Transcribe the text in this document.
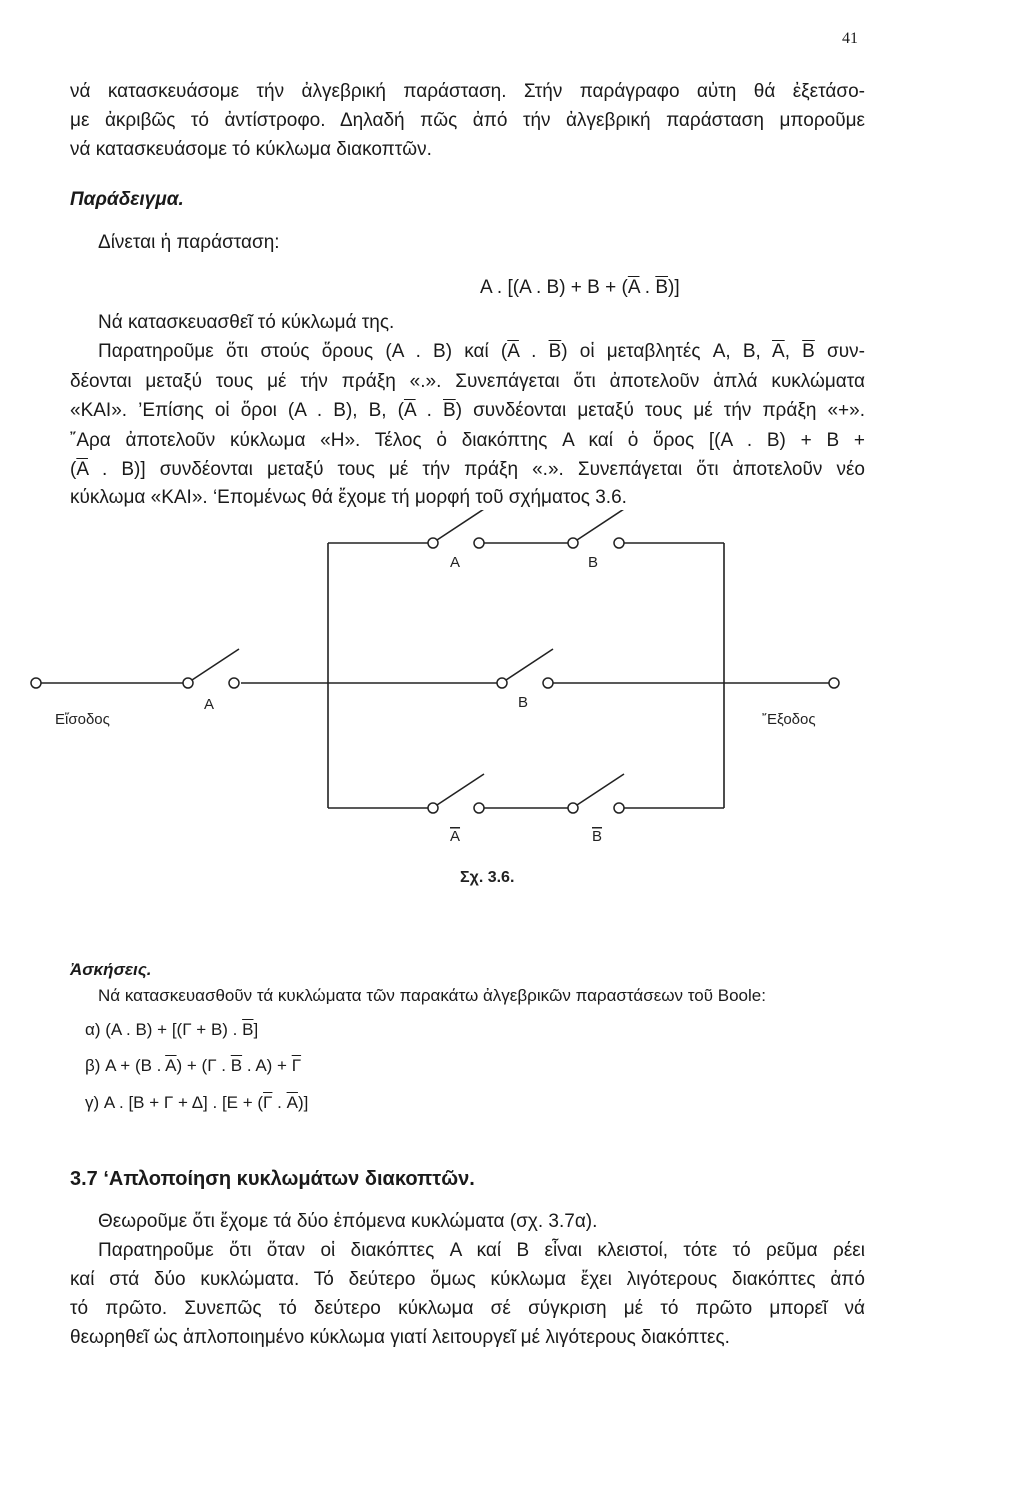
41
νά κατασκευάσομε τήν ἀλγεβρική παράσταση. Στήν παράγραφο αὐτη θά ἐξετάσο-
με ἀκριβῶς τό ἀντίστροφο. Δηλαδή πῶς ἀπό τήν ἀλγεβρική παράσταση μποροῦμε
νά κατασκευάσομε τό κύκλωμα διακοπτῶν.
Παράδειγμα.
Δίνεται ἡ παράσταση:
A . [(A . $B) + B + (\overline{A}$ . $\overline{B}$)]
Νά κατασκευασθεῖ τό κύκλωμά της.
Παρατηροῦμε ὅτι στούς ὅρους (A . B) καί ($\overline{A}$ . $\overline{B}$) οἱ μεταβλητές A, B, $\overline{A}$, $\overline{B}$ συν-
δέονται μεταξύ τους μέ τήν πράξη «.». Συνεπάγεται ὅτι ἀποτελοῦν ἁπλά κυκλώματα
«ΚΑΙ». ’Επίσης οἱ ὅροι (A . B), B, ($\overline{A}$ . $\overline{B}$) συνδέονται μεταξύ τους μέ τήν πράξη «+».
῎Αρα ἀποτελοῦν κύκλωμα «Η». Τέλος ὁ διακόπτης A καί ὁ ὅρος [(A . B) + B +
($\overline{A}$ . B)] συνδέονται μεταξύ τους μέ τήν πράξη «.». Συνεπάγεται ὅτι ἀποτελοῦν νέο
κύκλωμα «ΚΑΙ». ‘Επομένως θά ἔχομε τή μορφή τοῦ σχήματος 3.6.
Εἴσοδος	῎Εξοδος
A
A	B
B
A	B
Σχ. 3.6.
Ἀσκήσεις.
Νά κατασκευασθοῦν τά κυκλώματα τῶν παρακάτω ἀλγεβρικῶν παραστάσεων τοῦ Boole:
α) (A . B) + [(Γ + B) . $\overline{B}$]
β) A + (B . $\overline{A}) + (\Gamma$ . $\overline{B}$ . $A) + \overline{\Gamma}$
γ) A . [B + Γ + Δ] . [$E + (\overline{\Gamma}$ . $\overline{A}$)]
3.7 ‘Απλοποίηση κυκλωμάτων διακοπτῶν.
Θεωροῦμε ὅτι ἔχομε τά δύο ἑπόμενα κυκλώματα (σχ. 3.7α).
Παρατηροῦμε ὅτι ὅταν οἱ διακόπτες A καί B εἶναι κλειστοί, τότε τό ρεῦμα ρέει
καί στά δύο κυκλώματα. Τό δεύτερο ὅμως κύκλωμα ἔχει λιγότερους διακόπτες ἀπό
τό πρῶτο. Συνεπῶς τό δεύτερο κύκλωμα σέ σύγκριση μέ τό πρῶτο μπορεῖ νά
θεωρηθεῖ ὡς ἁπλοποιημένο κύκλωμα γιατί λειτουργεῖ μέ λιγότερους διακόπτες.
